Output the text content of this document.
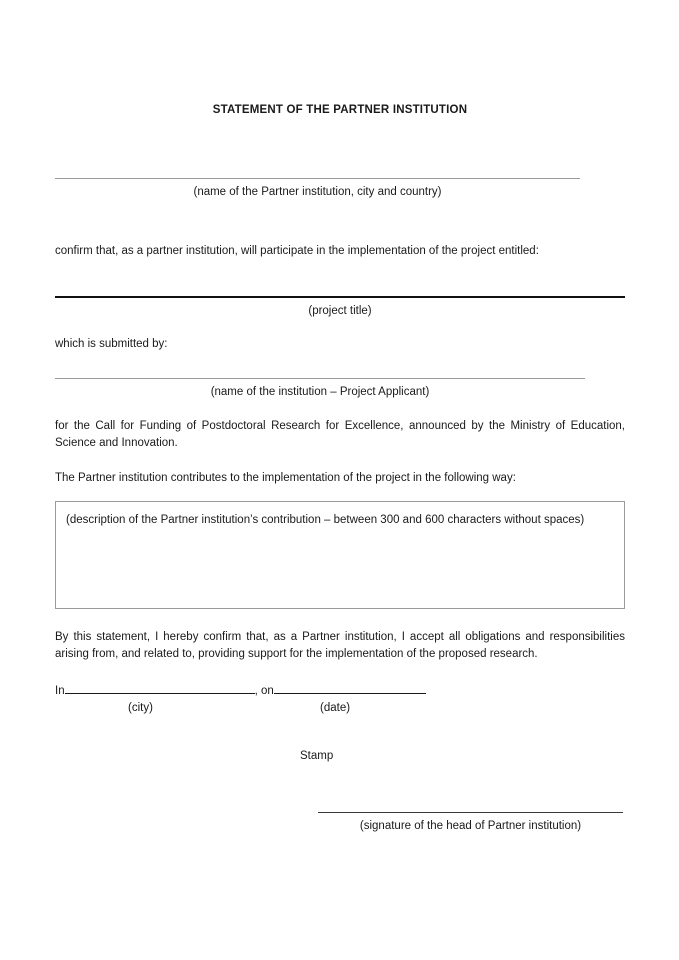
STATEMENT OF THE PARTNER INSTITUTION
(name of the Partner institution, city and country)
confirm that, as a partner institution, will participate in the implementation of the project entitled:
(project title)
which is submitted by:
(name of the institution – Project Applicant)
for the Call for Funding of Postdoctoral Research for Excellence, announced by the Ministry of Education, Science and Innovation.
The Partner institution contributes to the implementation of the project in the following way:
(description of the Partner institution’s contribution – between 300 and 600 characters without spaces)
By this statement, I hereby confirm that, as a Partner institution, I accept all obligations and responsibilities arising from, and related to, providing support for the implementation of the proposed research.
In	, on
(city)	(date)
Stamp
(signature of the head of Partner institution)
